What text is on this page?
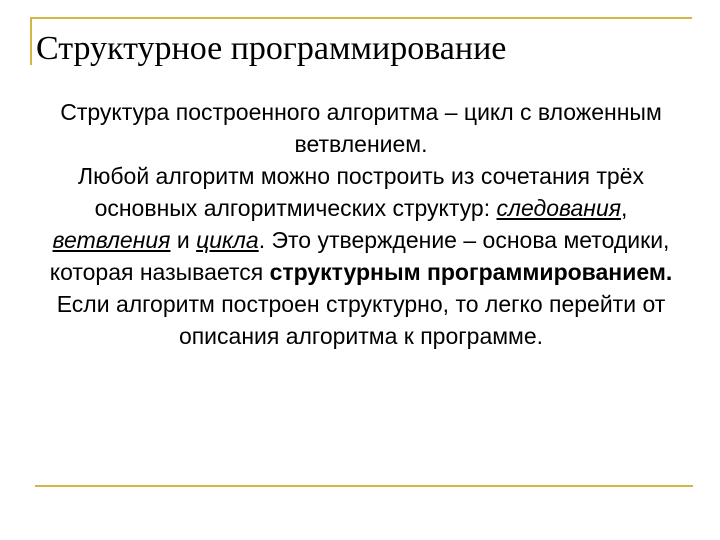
Структурное программирование

Структура построенного алгоритма – цикл с вложенным ветвлением.

Любой алгоритм можно построить из сочетания трёх основных алгоритмических структур: следования, ветвления и цикла. Это утверждение – основа методики, которая называется структурным программированием.

Если алгоритм построен структурно, то легко перейти от описания алгоритма к программе.
